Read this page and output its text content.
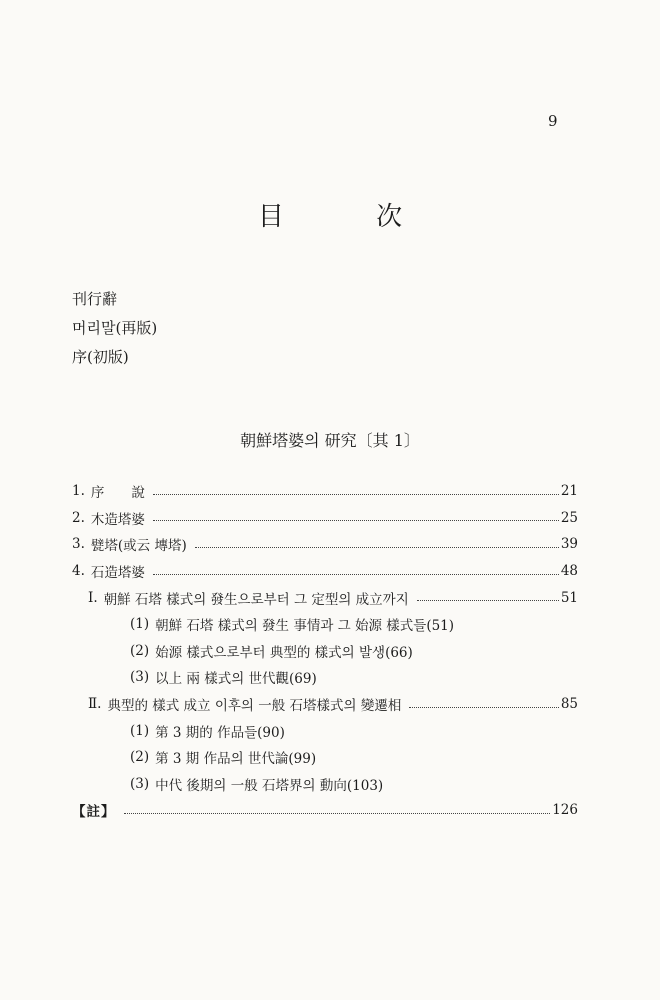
9
目 次
刊行辭
머리말(再版)
序(初版)
朝鮮塔婆의 研究〔其 1〕
1. 序　　說	21
2. 木造塔婆	25
3. 甓塔(或云 塼塔)	39
4. 石造塔婆	48
Ⅰ. 朝鮮 石塔 樣式의 發生으로부터 그 定型의 成立까지	51
(1) 朝鮮 石塔 樣式의 發生 事情과 그 始源 樣式들(51)
(2) 始源 樣式으로부터 典型的 樣式의 발생(66)
(3) 以上 兩 樣式의 世代觀(69)
Ⅱ. 典型的 樣式 成立 이후의 一般 石塔樣式의 變遷相	85
(1) 第 3 期的 作品들(90)
(2) 第 3 期 作品의 世代論(99)
(3) 中代 後期의 一般 石塔界의 動向(103)
【註】	126
